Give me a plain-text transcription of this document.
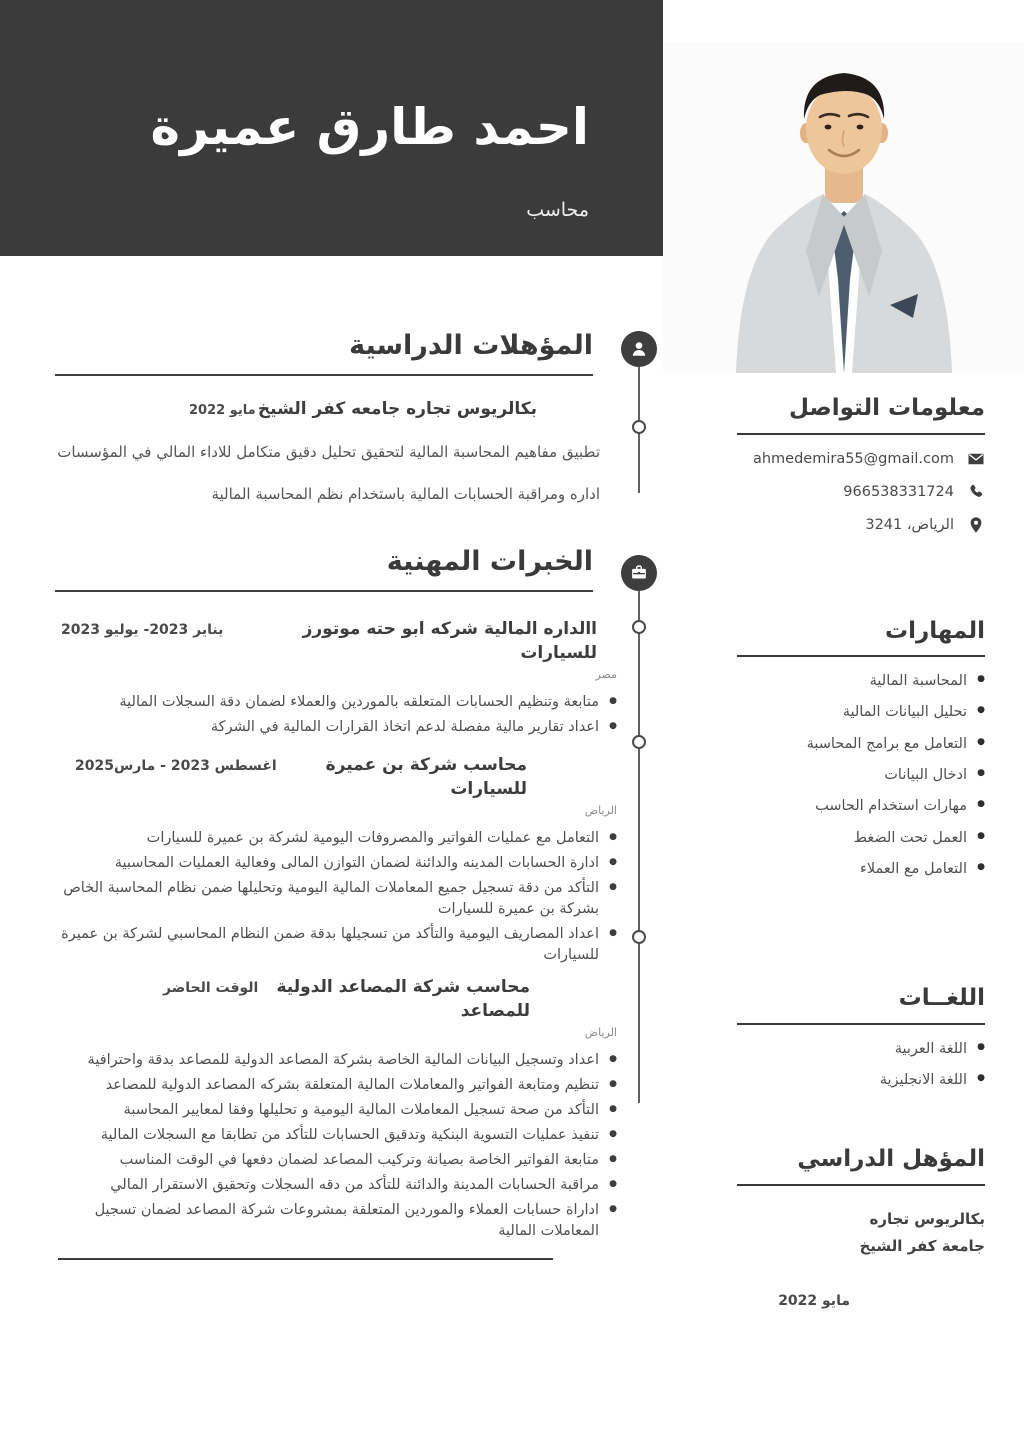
احمد طارق عميرة
محاسب
المؤهلات الدراسية
بكالريوس تجاره جامعه كفر الشيخ
مايو 2022

تطبيق مفاهيم المحاسبة المالية لتحقيق تحليل دقيق متكامل للاداء المالي في المؤسسات

اداره ومراقبة الحسابات المالية باستخدام نظم المحاسبة المالية

الخبرات المهنية
االداره المالية شركه ابو حته موتورز للسيارات
يناير 2023- يوليو 2023
مصر
● متابعة وتنظيم الحسابات المتعلقه بالموردين والعملاء لضمان دقة السجلات المالية
● اعداد تقارير مالية مفصلة لدعم اتخاذ القرارات المالية في الشركة
محاسب شركة بن عميرة للسيارات
اغسطس 2023 - مارس2025
الرياض
● التعامل مع عمليات الفواتير والمصروفات اليومية لشركة بن عميرة للسيارات
● ادارة الحسابات المدينه والدائنة لضمان التوازن المالى وفعالية العمليات المحاسبية
● التأكد من دقة تسجيل جميع المعاملات المالية اليومية وتحليلها ضمن نظام المحاسبة الخاص بشركة بن عميرة للسيارات
● اعداد المصاريف اليومية والتأكد من تسجيلها بدقة ضمن النظام المحاسبي لشركة بن عميرة للسيارات
محاسب شركة المصاعد الدولية للمصاعد
الوقت الحاضر
الرياض
● اعداد وتسجيل البيانات المالية الخاصة بشركة المصاعد الدولية للمصاعد بدقة واحترافية
● تنظيم ومتابعة الفواتير والمعاملات المالية المتعلقة بشركه المصاعد الدولية للمصاعد
● التأكد من صحة تسجيل المعاملات المالية اليومية و تحليلها وفقا لمعايير المحاسبة
● تنفيذ عمليات التسوية البنكية وتدقيق الحسابات للتأكد من تطابقا مع السجلات المالية
● متابعة الفواتير الخاصة بصيانة وتركيب المصاعد لضمان دفعها في الوقت المناسب
● مراقبة الحسابات المدينة والدائنة للتأكد من دقه السجلات وتحقيق الاستقرار المالي
● اداراة حسابات العملاء والموردين المتعلقة بمشروعات شركة المصاعد لضمان تسجيل المعاملات المالية
معلومات التواصل
ahmedemira55@gmail.com
966538331724
الرياض، 3241
المهارات
● المحاسبة المالية
● تحليل البيانات المالية
● التعامل مع برامج المحاسبة
● ادخال البيانات
● مهارات استخدام الحاسب
● العمل تحت الضغط
● التعامل مع العملاء
اللغــات
● اللغة العربية
● اللغة الانجليزية
المؤهل الدراسي

بكالريوس تجاره

جامعة كفر الشيخ

مايو 2022
